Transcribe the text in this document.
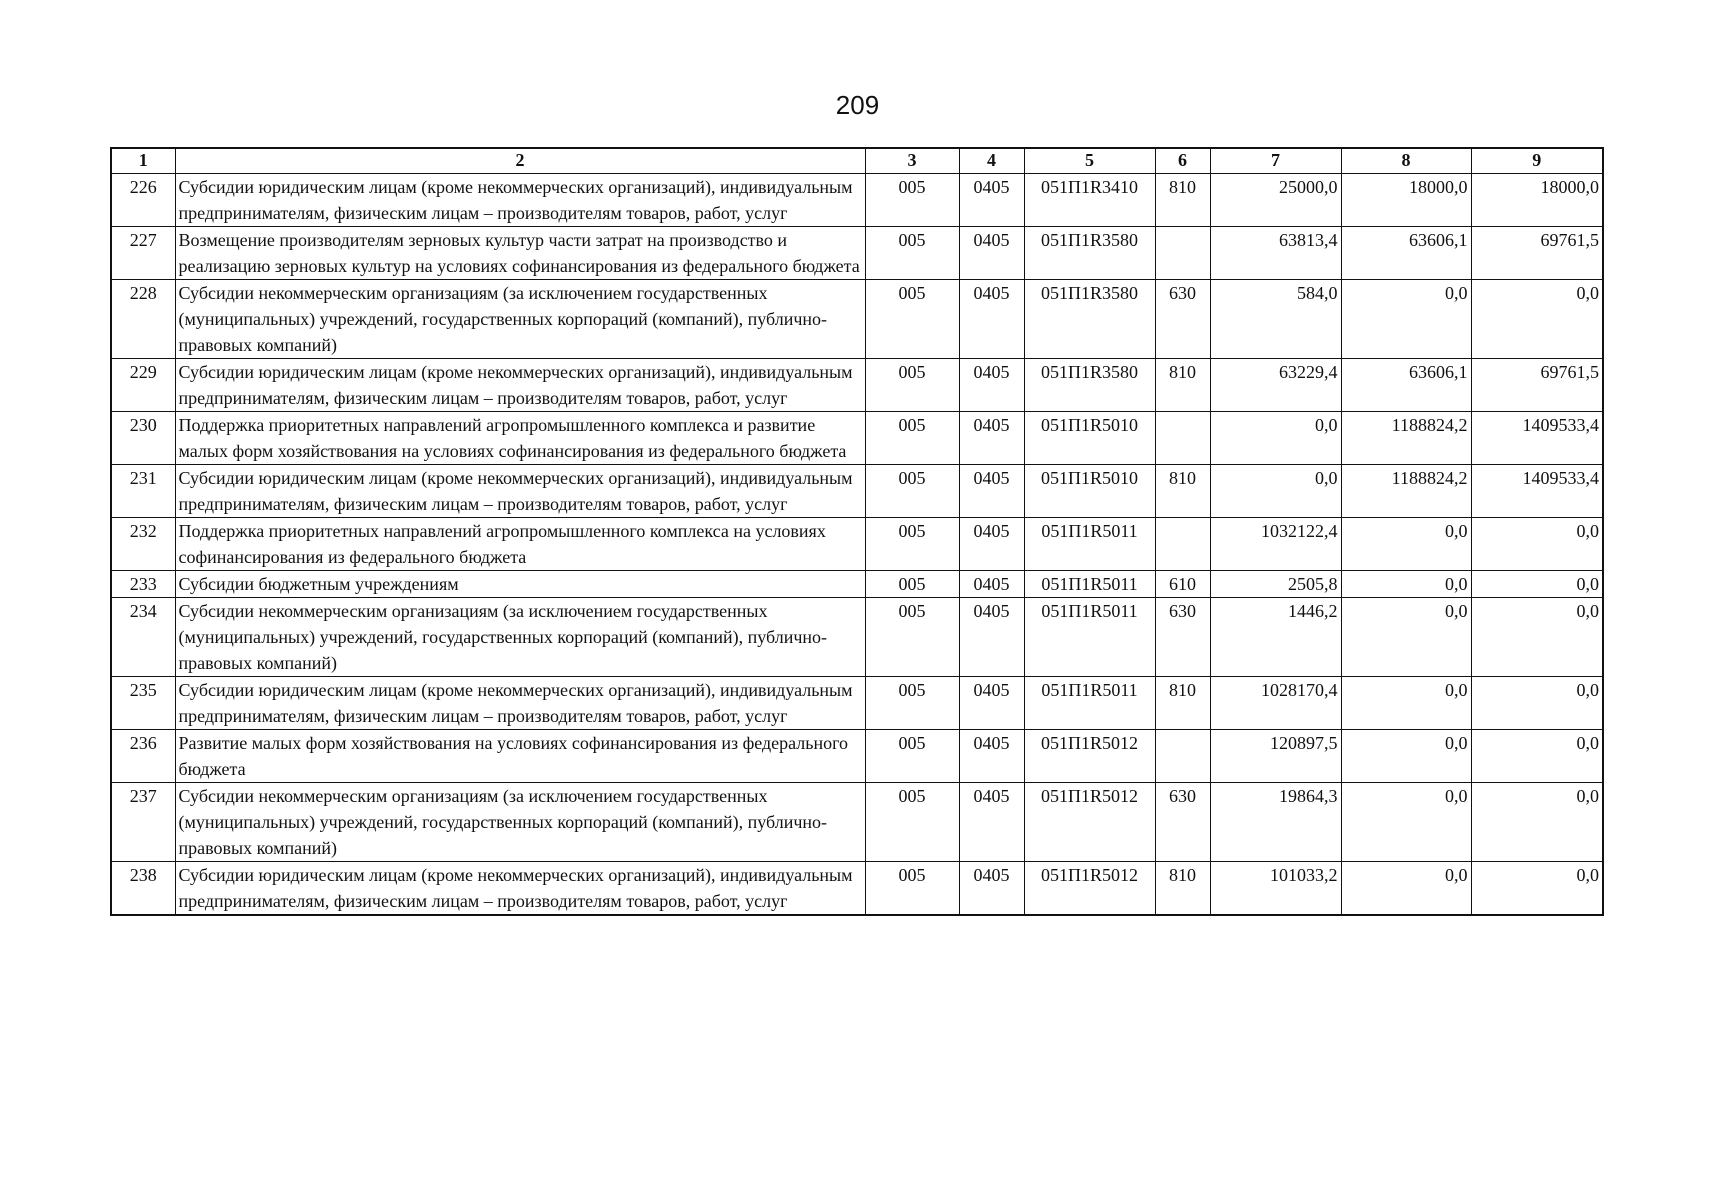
209
1	2	3	4	5	6	7	8	9
226	Субсидии юридическим лицам (кроме некоммерческих организаций), индивидуальным предпринимателям, физическим лицам – производителям товаров, работ, услуг	005	0405	051П1R3410	810	25000,0	18000,0	18000,0
227	Возмещение производителям зерновых культур части затрат на производство и реализацию зерновых культур на условиях софинансирования из федерального бюджета	005	0405	051П1R3580		63813,4	63606,1	69761,5
228	Субсидии некоммерческим организациям (за исключением государственных (муниципальных) учреждений, государственных корпораций (компаний), публично-правовых компаний)	005	0405	051П1R3580	630	584,0	0,0	0,0
229	Субсидии юридическим лицам (кроме некоммерческих организаций), индивидуальным предпринимателям, физическим лицам – производителям товаров, работ, услуг	005	0405	051П1R3580	810	63229,4	63606,1	69761,5
230	Поддержка приоритетных направлений агропромышленного комплекса и развитие малых форм хозяйствования на условиях софинансирования из федерального бюджета	005	0405	051П1R5010		0,0	1188824,2	1409533,4
231	Субсидии юридическим лицам (кроме некоммерческих организаций), индивидуальным предпринимателям, физическим лицам – производителям товаров, работ, услуг	005	0405	051П1R5010	810	0,0	1188824,2	1409533,4
232	Поддержка приоритетных направлений агропромышленного комплекса на условиях софинансирования из федерального бюджета	005	0405	051П1R5011		1032122,4	0,0	0,0
233	Субсидии бюджетным учреждениям	005	0405	051П1R5011	610	2505,8	0,0	0,0
234	Субсидии некоммерческим организациям (за исключением государственных (муниципальных) учреждений, государственных корпораций (компаний), публично-правовых компаний)	005	0405	051П1R5011	630	1446,2	0,0	0,0
235	Субсидии юридическим лицам (кроме некоммерческих организаций), индивидуальным предпринимателям, физическим лицам – производителям товаров, работ, услуг	005	0405	051П1R5011	810	1028170,4	0,0	0,0
236	Развитие малых форм хозяйствования на условиях софинансирования из федерального бюджета	005	0405	051П1R5012		120897,5	0,0	0,0
237	Субсидии некоммерческим организациям (за исключением государственных (муниципальных) учреждений, государственных корпораций (компаний), публично-правовых компаний)	005	0405	051П1R5012	630	19864,3	0,0	0,0
238	Субсидии юридическим лицам (кроме некоммерческих организаций), индивидуальным предпринимателям, физическим лицам – производителям товаров, работ, услуг	005	0405	051П1R5012	810	101033,2	0,0	0,0
